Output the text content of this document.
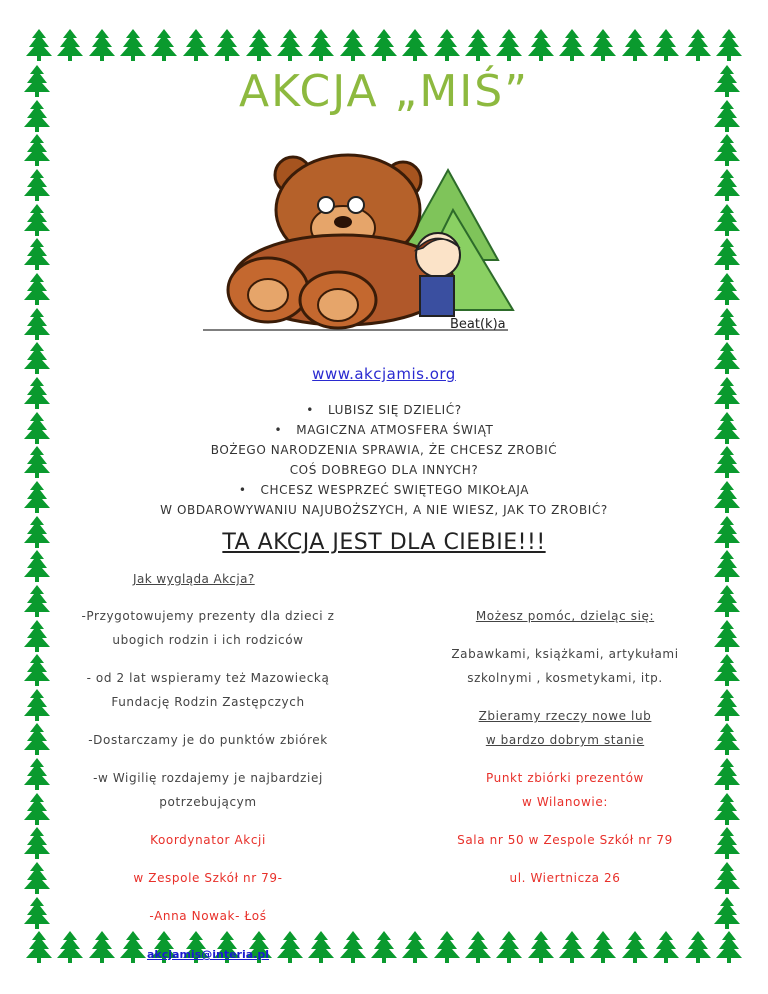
AKCJA „MIŚ”
Beat(k)a
www.akcjamis.org
• LUBISZ SIĘ DZIELIĆ?
• MAGICZNA ATMOSFERA ŚWIĄT
BOŻEGO NARODZENIA SPRAWIA, ŻE CHCESZ ZROBIĆ
COŚ DOBREGO DLA INNYCH?
• CHCESZ WESPRZEĆ SWIĘTEGO MIKOŁAJA
W OBDAROWYWANIU NAJUBOŻSZYCH, A NIE WIESZ, JAK TO ZROBIĆ?
TA AKCJA JEST DLA CIEBIE!!!
Jak wygląda Akcja?
-Przygotowujemy prezenty dla dzieci z
ubogich rodzin i ich rodziców
- od 2 lat wspieramy też Mazowiecką
Fundację Rodzin Zastępczych
-Dostarczamy je do punktów zbiórek
-w Wigilię rozdajemy je najbardziej
potrzebującym
Koordynator Akcji
w Zespole Szkół nr 79-
-Anna Nowak- Łoś
akcjamis@interia.pl
Możesz pomóc, dzieląc się:
Zabawkami, książkami, artykułami
szkolnymi , kosmetykami, itp.
Zbieramy rzeczy nowe lub
w bardzo dobrym stanie
Punkt zbiórki prezentów
w Wilanowie:
Sala nr 50 w Zespole Szkół nr 79
ul. Wiertnicza 26
